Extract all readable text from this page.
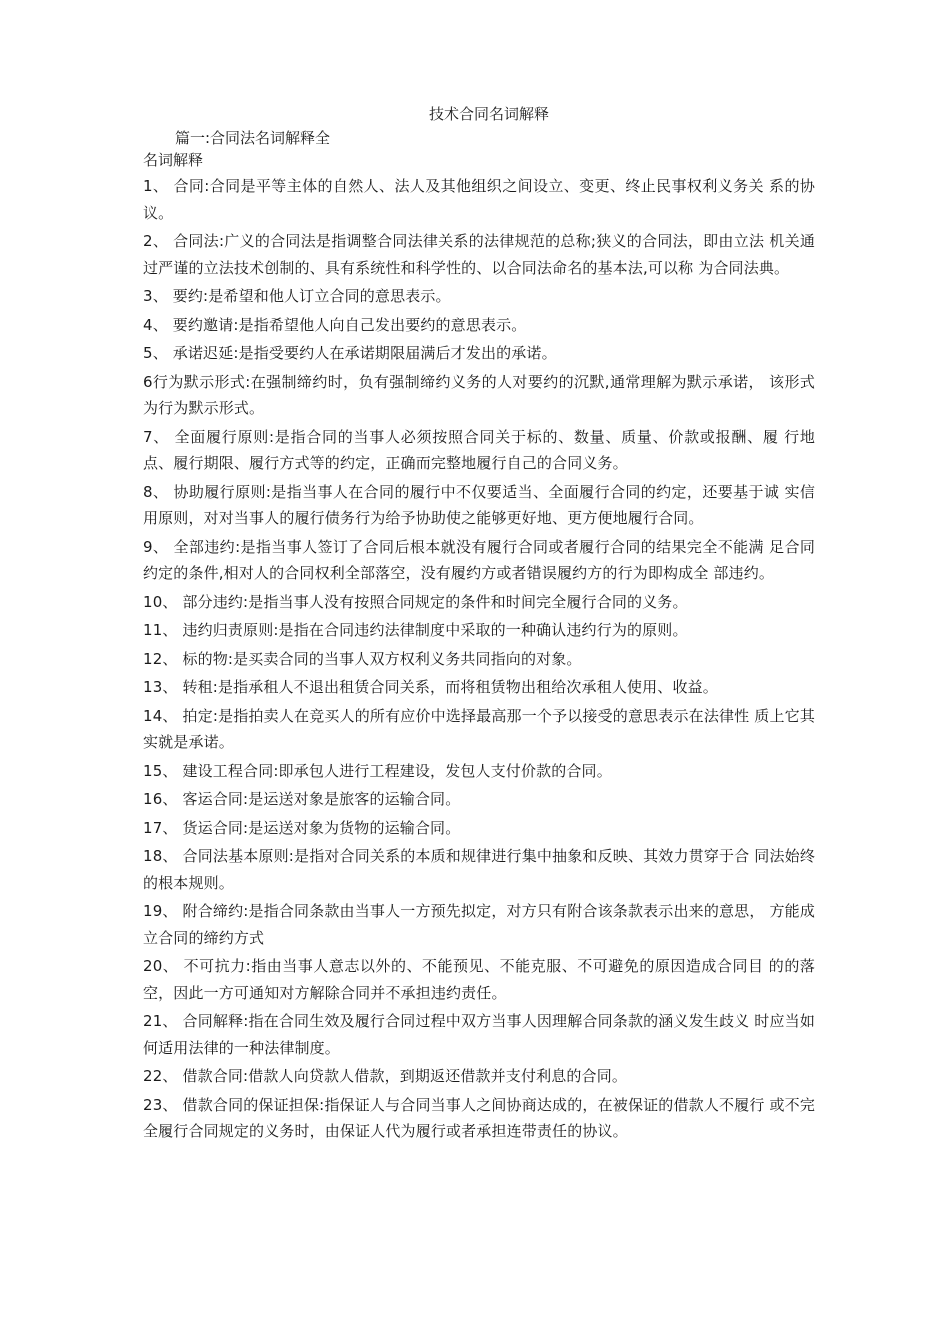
技术合同名词解释
篇一:合同法名词解释全
名词解释
1、 合同:合同是平等主体的自然人、法人及其他组织之间设立、变更、终止民事权利义务关 系的协议。
2、 合同法:广义的合同法是指调整合同法律关系的法律规范的总称;狭义的合同法，即由立法 机关通过严谨的立法技术创制的、具有系统性和科学性的、以合同法命名的基本法,可以称 为合同法典。
3、 要约:是希望和他人订立合同的意思表示。
4、 要约邀请:是指希望他人向自己发出要约的意思表示。
5、 承诺迟延:是指受要约人在承诺期限届满后才发出的承诺。
6行为默示形式:在强制缔约时，负有强制缔约义务的人对要约的沉默,通常理解为默示承诺， 该形式为行为默示形式。
7、 全面履行原则:是指合同的当事人必须按照合同关于标的、数量、质量、价款或报酬、履 行地点、履行期限、履行方式等的约定，正确而完整地履行自己的合同义务。
8、 协助履行原则:是指当事人在合同的履行中不仅要适当、全面履行合同的约定，还要基于诚 实信用原则，对对当事人的履行债务行为给予协助使之能够更好地、更方便地履行合同。
9、 全部违约:是指当事人签订了合同后根本就没有履行合同或者履行合同的结果完全不能满 足合同约定的条件,相对人的合同权利全部落空，没有履约方或者错误履约方的行为即构成全 部违约。
10、 部分违约:是指当事人没有按照合同规定的条件和时间完全履行合同的义务。
11、 违约归责原则:是指在合同违约法律制度中采取的一种确认违约行为的原则。
12、 标的物:是买卖合同的当事人双方权利义务共同指向的对象。
13、 转租:是指承租人不退出租赁合同关系，而将租赁物出租给次承租人使用、收益。
14、 拍定:是指拍卖人在竞买人的所有应价中选择最高那一个予以接受的意思表示在法律性 质上它其实就是承诺。
15、 建设工程合同:即承包人进行工程建设，发包人支付价款的合同。
16、 客运合同:是运送对象是旅客的运输合同。
17、 货运合同:是运送对象为货物的运输合同。
18、 合同法基本原则:是指对合同关系的本质和规律进行集中抽象和反映、其效力贯穿于合 同法始终的根本规则。
19、 附合缔约:是指合同条款由当事人一方预先拟定，对方只有附合该条款表示出来的意思， 方能成立合同的缔约方式
20、 不可抗力:指由当事人意志以外的、不能预见、不能克服、不可避免的原因造成合同目 的的落空，因此一方可通知对方解除合同并不承担违约责任。
21、 合同解释:指在合同生效及履行合同过程中双方当事人因理解合同条款的涵义发生歧义 时应当如何适用法律的一种法律制度。
22、 借款合同:借款人向贷款人借款，到期返还借款并支付利息的合同。
23、 借款合同的保证担保:指保证人与合同当事人之间协商达成的，在被保证的借款人不履行 或不完全履行合同规定的义务时，由保证人代为履行或者承担连带责任的协议。
